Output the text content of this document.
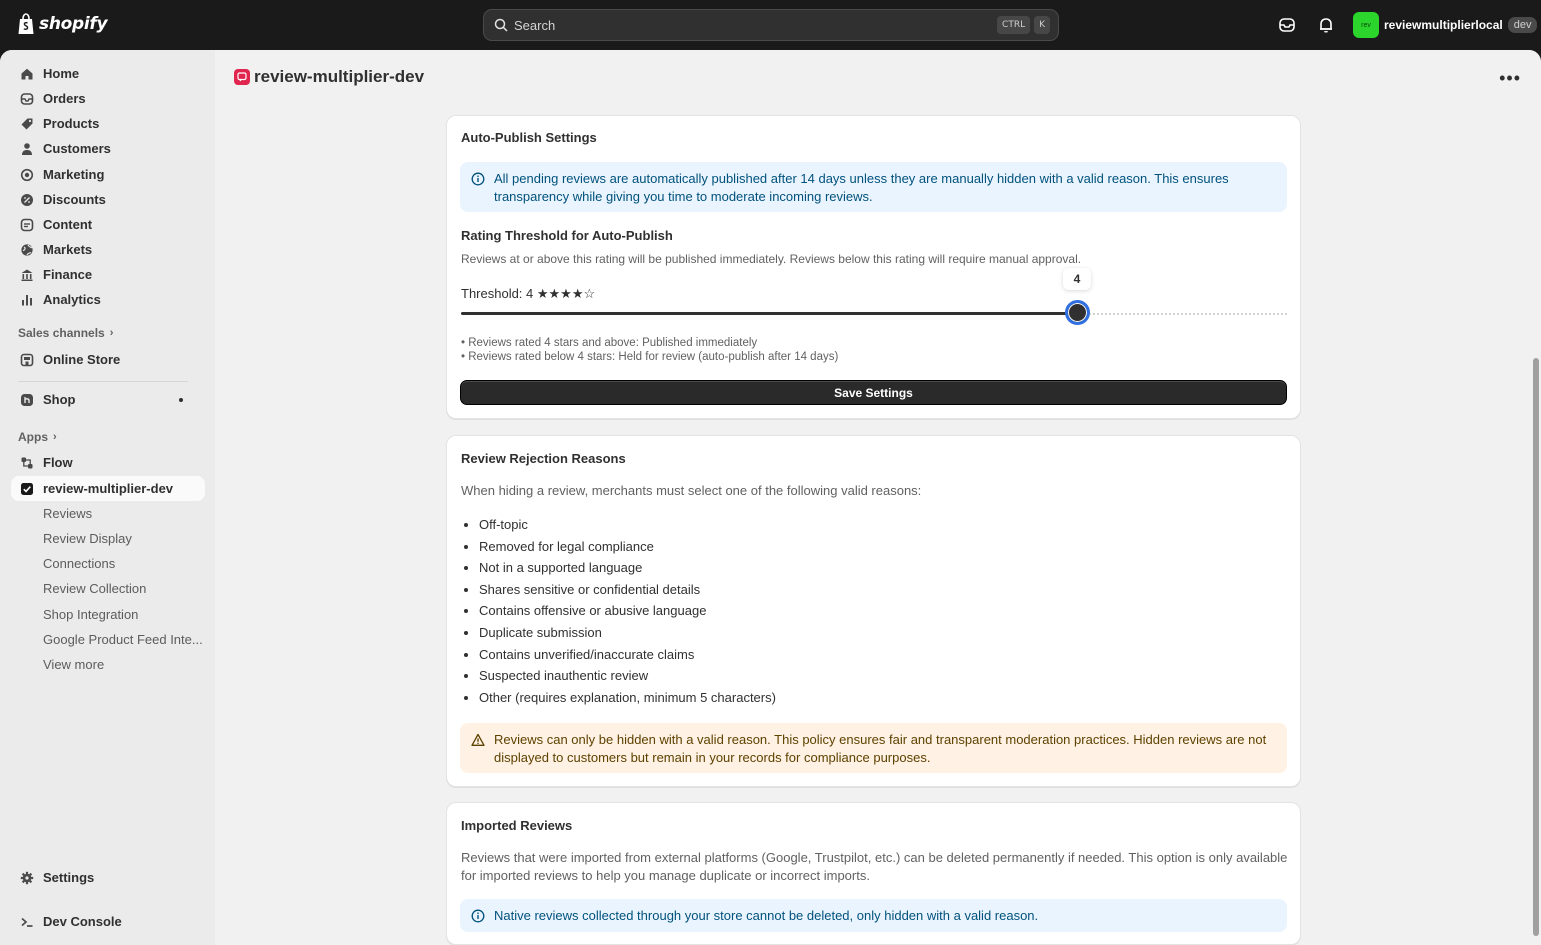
shopify	Search	CTRL	K	rev	reviewmultiplierlocal	dev
Home
Orders
Products
Customers
Marketing
Discounts
Content
Markets
Finance
Analytics
Sales channels ›
Online Store
Shop
Apps ›
Flow
review-multiplier-dev
Reviews
Review Display
Connections
Review Collection
Shop Integration
Google Product Feed Inte...
View more
Settings
Dev Console
review-multiplier-dev	•••
Auto-Publish Settings
All pending reviews are automatically published after 14 days unless they are manually hidden with a valid reason. This ensures transparency while giving you time to moderate incoming reviews.
Rating Threshold for Auto-Publish
Reviews at or above this rating will be published immediately. Reviews below this rating will require manual approval.
Threshold: 4 ★★★★☆
4
• Reviews rated 4 stars and above: Published immediately
• Reviews rated below 4 stars: Held for review (auto-publish after 14 days)
Save Settings
Review Rejection Reasons
When hiding a review, merchants must select one of the following valid reasons:
• Off-topic
• Removed for legal compliance
• Not in a supported language
• Shares sensitive or confidential details
• Contains offensive or abusive language
• Duplicate submission
• Contains unverified/inaccurate claims
• Suspected inauthentic review
• Other (requires explanation, minimum 5 characters)
Reviews can only be hidden with a valid reason. This policy ensures fair and transparent moderation practices. Hidden reviews are not displayed to customers but remain in your records for compliance purposes.
Imported Reviews
Reviews that were imported from external platforms (Google, Trustpilot, etc.) can be deleted permanently if needed. This option is only available for imported reviews to help you manage duplicate or incorrect imports.
Native reviews collected through your store cannot be deleted, only hidden with a valid reason.
